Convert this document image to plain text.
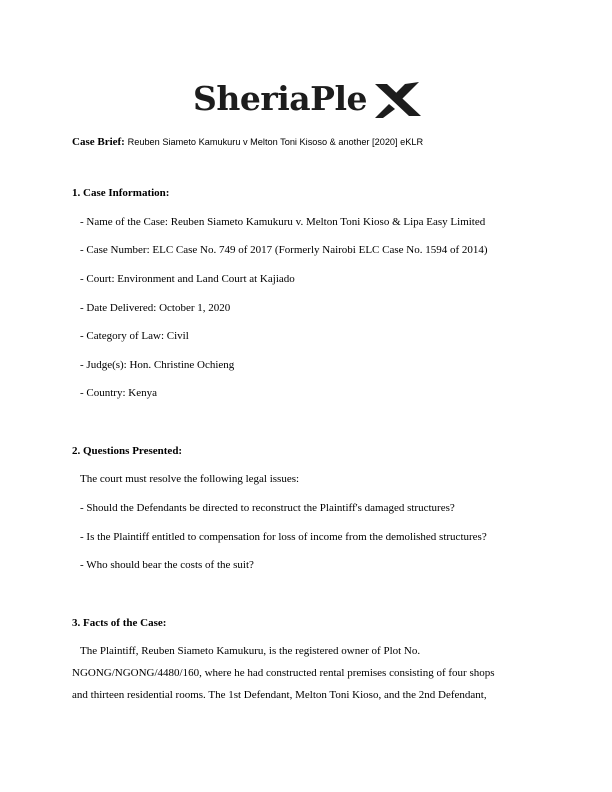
SheriaPle
Case Brief: Reuben Siameto Kamukuru v Melton Toni Kisoso & another [2020] eKLR
1. Case Information:
- Name of the Case: Reuben Siameto Kamukuru v. Melton Toni Kioso & Lipa Easy Limited
- Case Number: ELC Case No. 749 of 2017 (Formerly Nairobi ELC Case No. 1594 of 2014)
- Court: Environment and Land Court at Kajiado
- Date Delivered: October 1, 2020
- Category of Law: Civil
- Judge(s): Hon. Christine Ochieng
- Country: Kenya
2. Questions Presented:
The court must resolve the following legal issues:
- Should the Defendants be directed to reconstruct the Plaintiff's damaged structures?
- Is the Plaintiff entitled to compensation for loss of income from the demolished structures?
- Who should bear the costs of the suit?
3. Facts of the Case:
The Plaintiff, Reuben Siameto Kamukuru, is the registered owner of Plot No.
NGONG/NGONG/4480/160, where he had constructed rental premises consisting of four shops
and thirteen residential rooms. The 1st Defendant, Melton Toni Kioso, and the 2nd Defendant,
